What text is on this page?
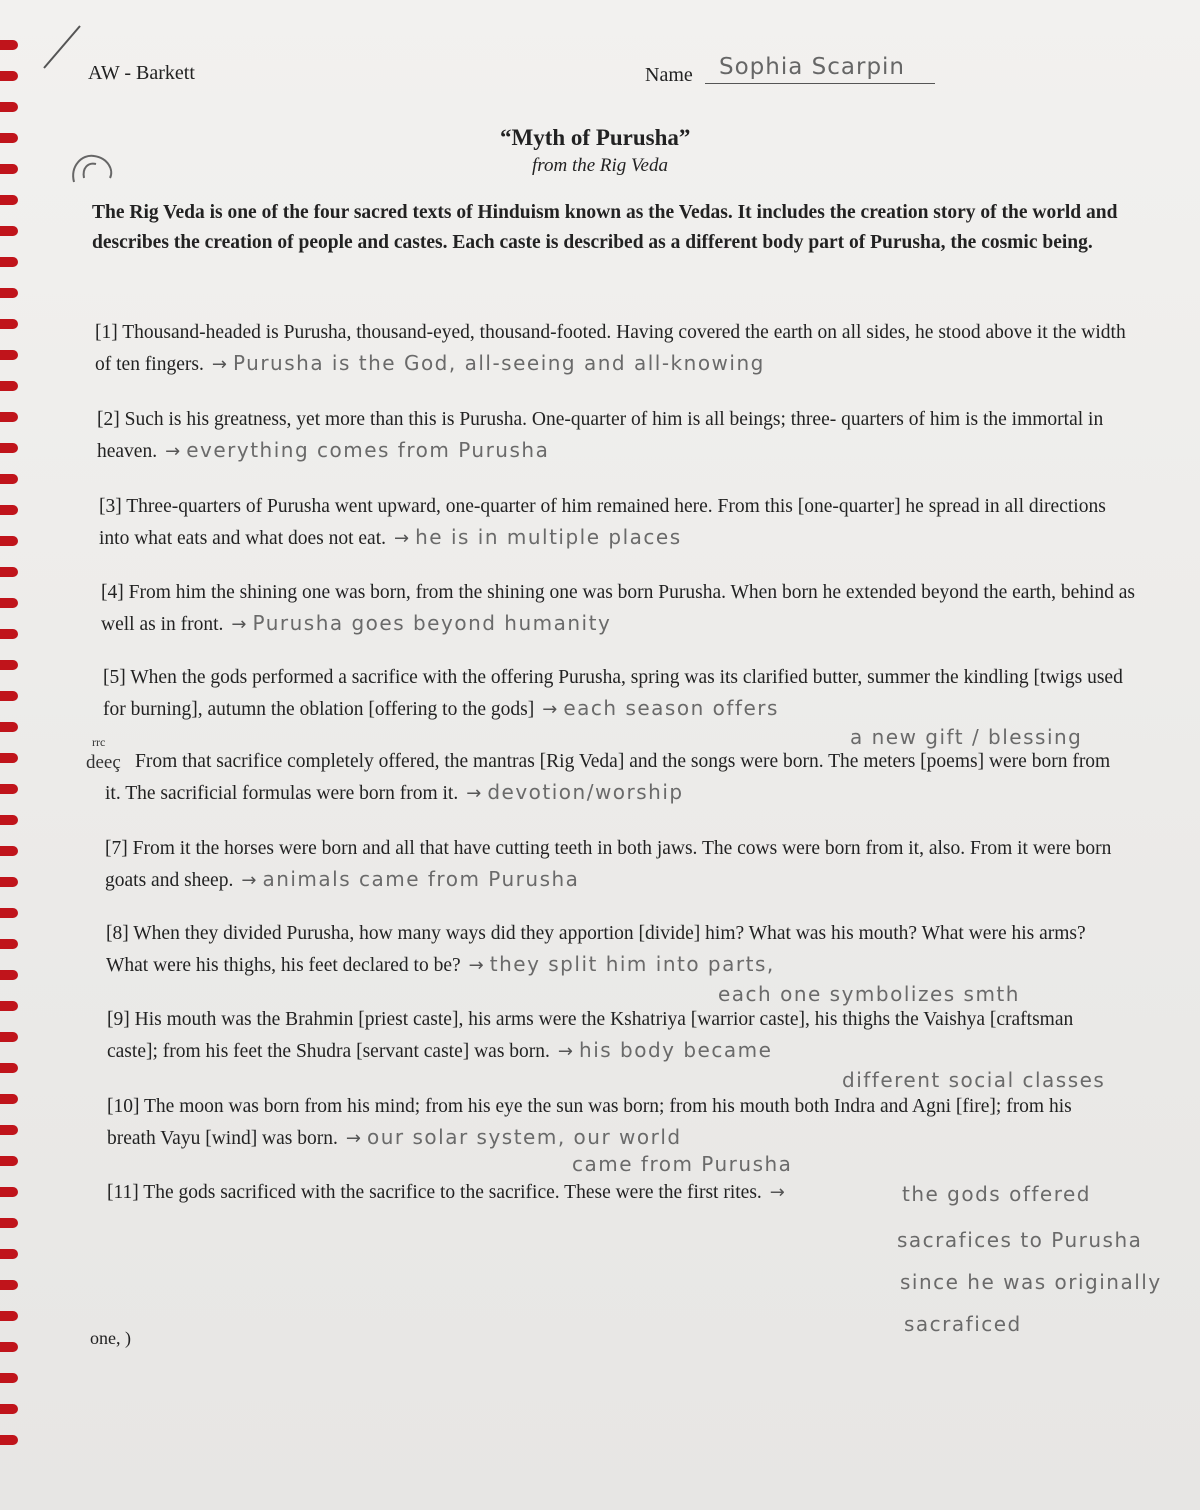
AW - Barkett	Name	Sophia Scarpin
“Myth of Purusha”
from the Rig Veda
The Rig Veda is one of the four sacred texts of Hinduism known as the Vedas. It includes the creation story of the world and describes the creation of people and castes. Each caste is described as a different body part of Purusha, the cosmic being.
[1] Thousand-headed is Purusha, thousand-eyed, thousand-footed. Having covered the earth on all sides, he stood above it the width of ten fingers. → Purusha is the God, all-seeing and all-knowing
[2] Such is his greatness, yet more than this is Purusha. One-quarter of him is all beings; three- quarters of him is the immortal in heaven. → everything comes from Purusha
[3] Three-quarters of Purusha went upward, one-quarter of him remained here. From this [one-quarter] he spread in all directions into what eats and what does not eat. → he is in multiple places
[4] From him the shining one was born, from the shining one was born Purusha. When born he extended beyond the earth, behind as well as in front. → Purusha goes beyond humanity
[5] When the gods performed a sacrifice with the offering Purusha, spring was its clarified butter, summer the kindling [twigs used for burning], autumn the oblation [offering to the gods] → each season offers
a new gift / blessing
rrc
deeç From that sacrifice completely offered, the mantras [Rig Veda] and the songs were born. The meters [poems] were born from it. The sacrificial formulas were born from it. → devotion/worship
[7] From it the horses were born and all that have cutting teeth in both jaws. The cows were born from it, also. From it were born goats and sheep. → animals came from Purusha
[8] When they divided Purusha, how many ways did they apportion [divide] him? What was his mouth? What were his arms? What were his thighs, his feet declared to be? → they split him into parts,
each one symbolizes smth
[9] His mouth was the Brahmin [priest caste], his arms were the Kshatriya [warrior caste], his thighs the Vaishya [craftsman caste]; from his feet the Shudra [servant caste] was born. → his body became
different social classes
[10] The moon was born from his mind; from his eye the sun was born; from his mouth both Indra and Agni [fire]; from his breath Vayu [wind] was born. → our solar system, our world
came from Purusha
[11] The gods sacrificed with the sacrifice to the sacrifice. These were the first rites. →	the gods offered
sacrafices to Purusha
since he was originally
sacraficed
one, )
